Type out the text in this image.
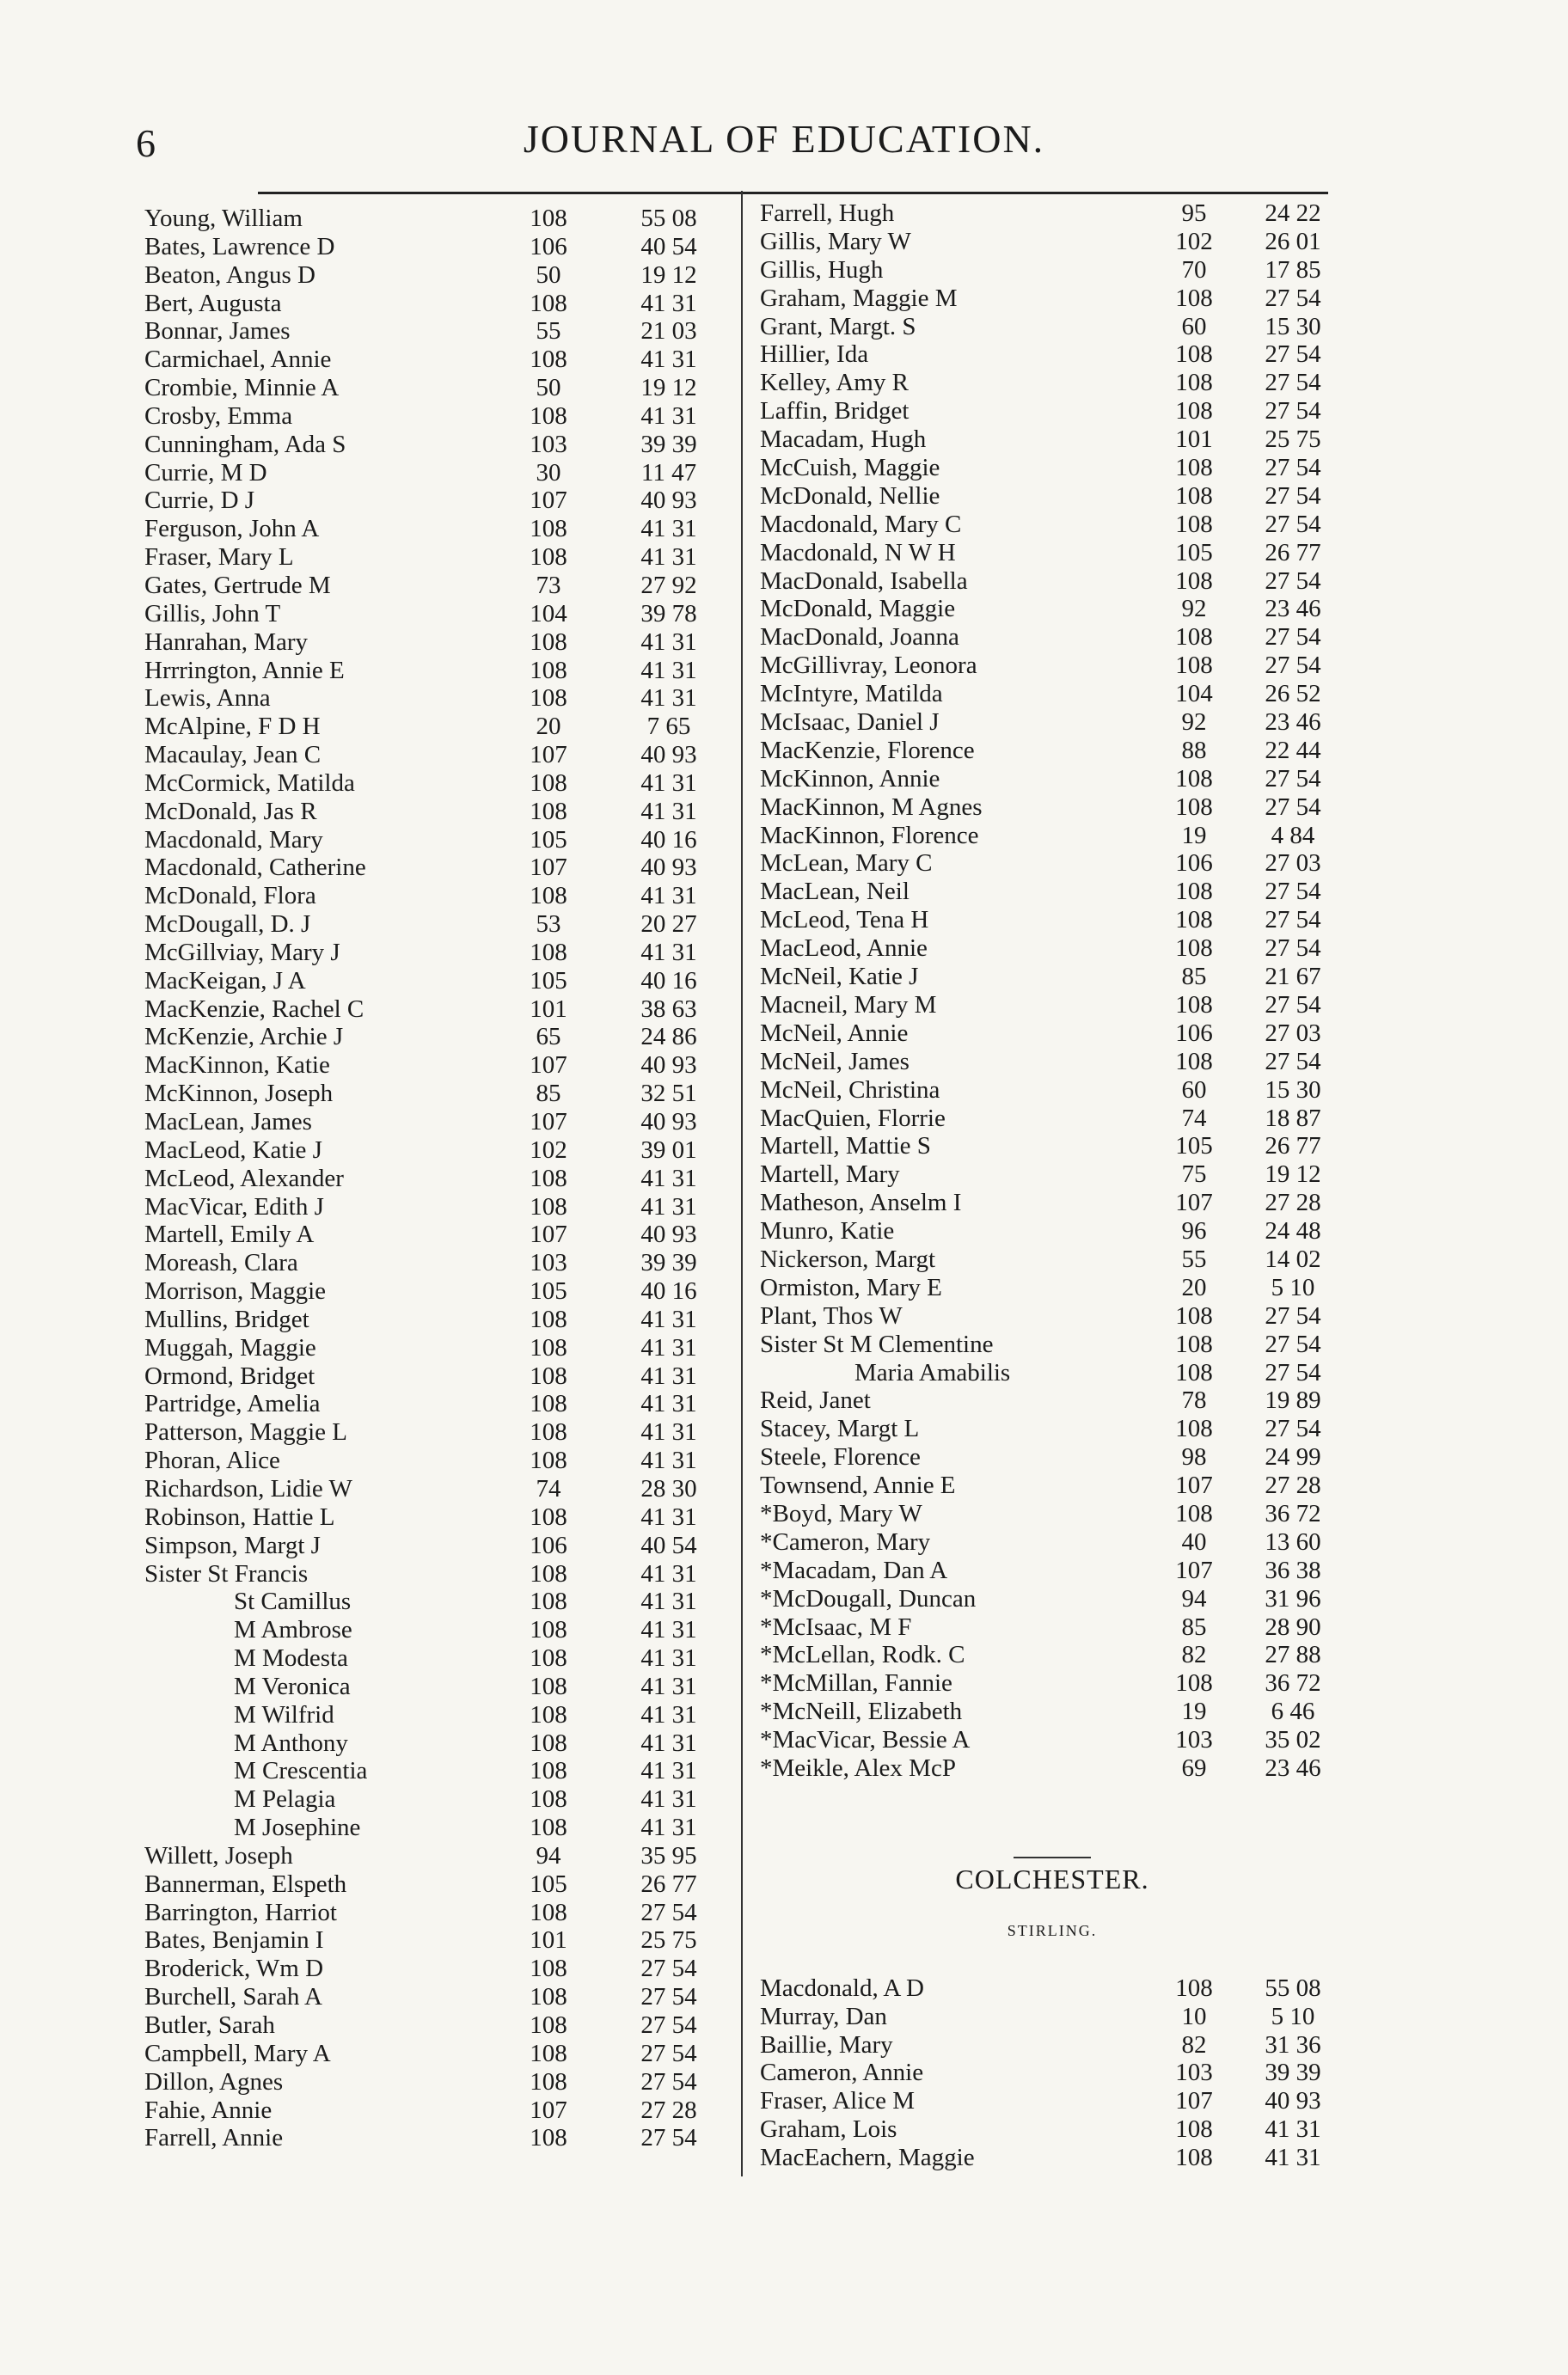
6	JOURNAL OF EDUCATION.
Young, William	108	55 08
Bates, Lawrence D	106	40 54
Beaton, Angus D	50	19 12
Bert, Augusta	108	41 31
Bonnar, James	55	21 03
Carmichael, Annie	108	41 31
Crombie, Minnie A	50	19 12
Crosby, Emma	108	41 31
Cunningham, Ada S	103	39 39
Currie, M D	30	11 47
Currie, D J	107	40 93
Ferguson, John A	108	41 31
Fraser, Mary L	108	41 31
Gates, Gertrude M	73	27 92
Gillis, John T	104	39 78
Hanrahan, Mary	108	41 31
Hrrrington, Annie E	108	41 31
Lewis, Anna	108	41 31
McAlpine, F D H	20	7 65
Macaulay, Jean C	107	40 93
McCormick, Matilda	108	41 31
McDonald, Jas R	108	41 31
Macdonald, Mary	105	40 16
Macdonald, Catherine	107	40 93
McDonald, Flora	108	41 31
McDougall, D. J	53	20 27
McGillviay, Mary J	108	41 31
MacKeigan, J A	105	40 16
MacKenzie, Rachel C	101	38 63
McKenzie, Archie J	65	24 86
MacKinnon, Katie	107	40 93
McKinnon, Joseph	85	32 51
MacLean, James	107	40 93
MacLeod, Katie J	102	39 01
McLeod, Alexander	108	41 31
MacVicar, Edith J	108	41 31
Martell, Emily A	107	40 93
Moreash, Clara	103	39 39
Morrison, Maggie	105	40 16
Mullins, Bridget	108	41 31
Muggah, Maggie	108	41 31
Ormond, Bridget	108	41 31
Partridge, Amelia	108	41 31
Patterson, Maggie L	108	41 31
Phoran, Alice	108	41 31
Richardson, Lidie W	74	28 30
Robinson, Hattie L	108	41 31
Simpson, Margt J	106	40 54
Sister St Francis	108	41 31
St Camillus	108	41 31
M Ambrose	108	41 31
M Modesta	108	41 31
M Veronica	108	41 31
M Wilfrid	108	41 31
M Anthony	108	41 31
M Crescentia	108	41 31
M Pelagia	108	41 31
M Josephine	108	41 31
Willett, Joseph	94	35 95
Bannerman, Elspeth	105	26 77
Barrington, Harriot	108	27 54
Bates, Benjamin I	101	25 75
Broderick, Wm D	108	27 54
Burchell, Sarah A	108	27 54
Butler, Sarah	108	27 54
Campbell, Mary A	108	27 54
Dillon, Agnes	108	27 54
Fahie, Annie	107	27 28
Farrell, Annie	108	27 54
Farrell, Hugh	95	24 22
Gillis, Mary W	102	26 01
Gillis, Hugh	70	17 85
Graham, Maggie M	108	27 54
Grant, Margt. S	60	15 30
Hillier, Ida	108	27 54
Kelley, Amy R	108	27 54
Laffin, Bridget	108	27 54
Macadam, Hugh	101	25 75
McCuish, Maggie	108	27 54
McDonald, Nellie	108	27 54
Macdonald, Mary C	108	27 54
Macdonald, N W H	105	26 77
MacDonald, Isabella	108	27 54
McDonald, Maggie	92	23 46
MacDonald, Joanna	108	27 54
McGillivray, Leonora	108	27 54
McIntyre, Matilda	104	26 52
McIsaac, Daniel J	92	23 46
MacKenzie, Florence	88	22 44
McKinnon, Annie	108	27 54
MacKinnon, M Agnes	108	27 54
MacKinnon, Florence	19	4 84
McLean, Mary C	106	27 03
MacLean, Neil	108	27 54
McLeod, Tena H	108	27 54
MacLeod, Annie	108	27 54
McNeil, Katie J	85	21 67
Macneil, Mary M	108	27 54
McNeil, Annie	106	27 03
McNeil, James	108	27 54
McNeil, Christina	60	15 30
MacQuien, Florrie	74	18 87
Martell, Mattie S	105	26 77
Martell, Mary	75	19 12
Matheson, Anselm I	107	27 28
Munro, Katie	96	24 48
Nickerson, Margt	55	14 02
Ormiston, Mary E	20	5 10
Plant, Thos W	108	27 54
Sister St M Clementine	108	27 54
Maria Amabilis	108	27 54
Reid, Janet	78	19 89
Stacey, Margt L	108	27 54
Steele, Florence	98	24 99
Townsend, Annie E	107	27 28
*Boyd, Mary W	108	36 72
*Cameron, Mary	40	13 60
*Macadam, Dan A	107	36 38
*McDougall, Duncan	94	31 96
*McIsaac, M F	85	28 90
*McLellan, Rodk. C	82	27 88
*McMillan, Fannie	108	36 72
*McNeill, Elizabeth	19	6 46
*MacVicar, Bessie A	103	35 02
*Meikle, Alex McP	69	23 46
COLCHESTER.
STIRLING.
Macdonald, A D	108	55 08
Murray, Dan	10	5 10
Baillie, Mary	82	31 36
Cameron, Annie	103	39 39
Fraser, Alice M	107	40 93
Graham, Lois	108	41 31
MacEachern, Maggie	108	41 31
